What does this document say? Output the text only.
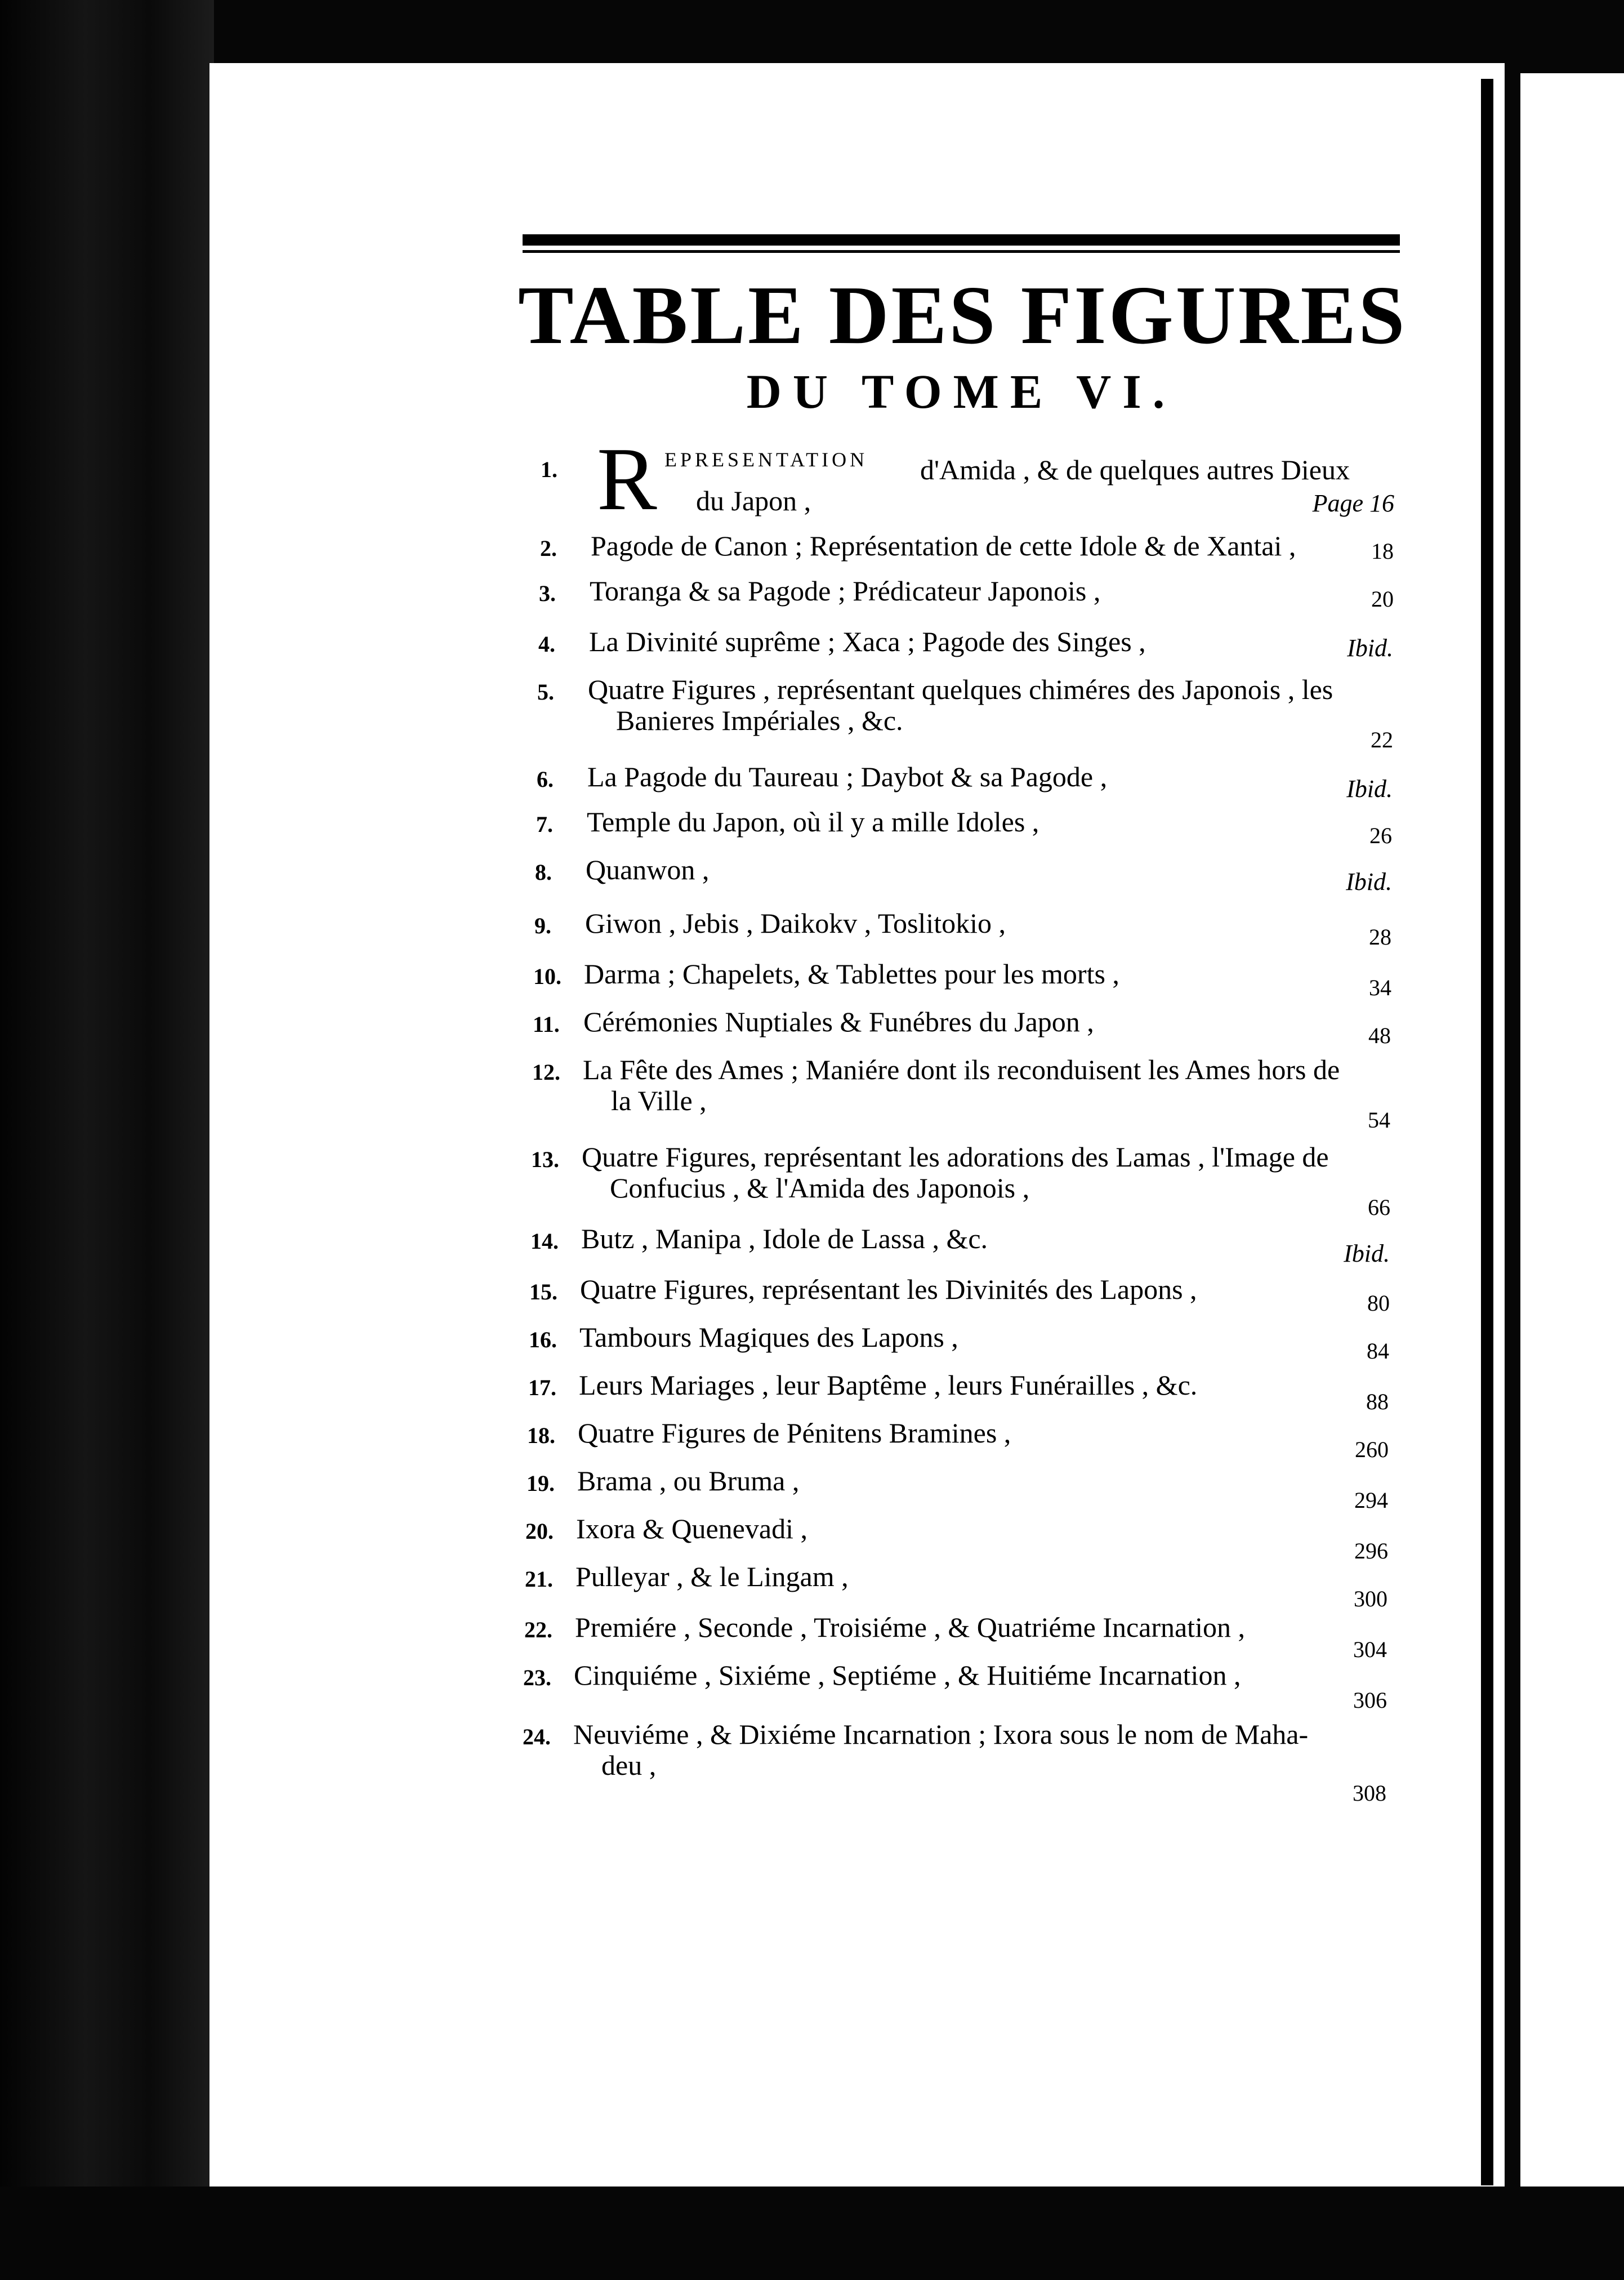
TABLE DES FIGURES
DU TOME VI.
1. R EPRESENTATION d'Amida , & de quelques autres Dieux
du Japon ,	Page 16
2. Pagode de Canon ; Représentation de cette Idole & de Xantai ,	18
3. Toranga & sa Pagode ; Prédicateur Japonois ,	20
4. La Divinité suprême ; Xaca ; Pagode des Singes ,	Ibid.
5. Quatre Figures , représentant quelques chiméres des Japonois , les
Banieres Impériales , &c.
22
6. La Pagode du Taureau ; Daybot & sa Pagode ,	Ibid.
7. Temple du Japon, où il y a mille Idoles ,	26
8. Quanwon ,	Ibid.
9. Giwon , Jebis , Daikokv , Toslitokio ,	28
10. Darma ; Chapelets, & Tablettes pour les morts ,	34
11. Cérémonies Nuptiales & Funébres du Japon ,	48
12. La Fête des Ames ; Maniére dont ils reconduisent les Ames hors de
la Ville ,
54
13. Quatre Figures, représentant les adorations des Lamas , l'Image de
Confucius , & l'Amida des Japonois ,
66
14. Butz , Manipa , Idole de Lassa , &c.	Ibid.
15. Quatre Figures, représentant les Divinités des Lapons ,	80
16. Tambours Magiques des Lapons ,	84
17. Leurs Mariages , leur Baptême , leurs Funérailles , &c.
88
18. Quatre Figures de Pénitens Bramines ,
260
19. Brama , ou Bruma ,
294
20. Ixora & Quenevadi ,
296
21. Pulleyar , & le Lingam ,
300
22. Premiére , Seconde , Troisiéme , & Quatriéme Incarnation ,
304
23. Cinquiéme , Sixiéme , Septiéme , & Huitiéme Incarnation ,
306
24. Neuviéme , & Dixiéme Incarnation ; Ixora sous le nom de Maha-
deu ,
308
